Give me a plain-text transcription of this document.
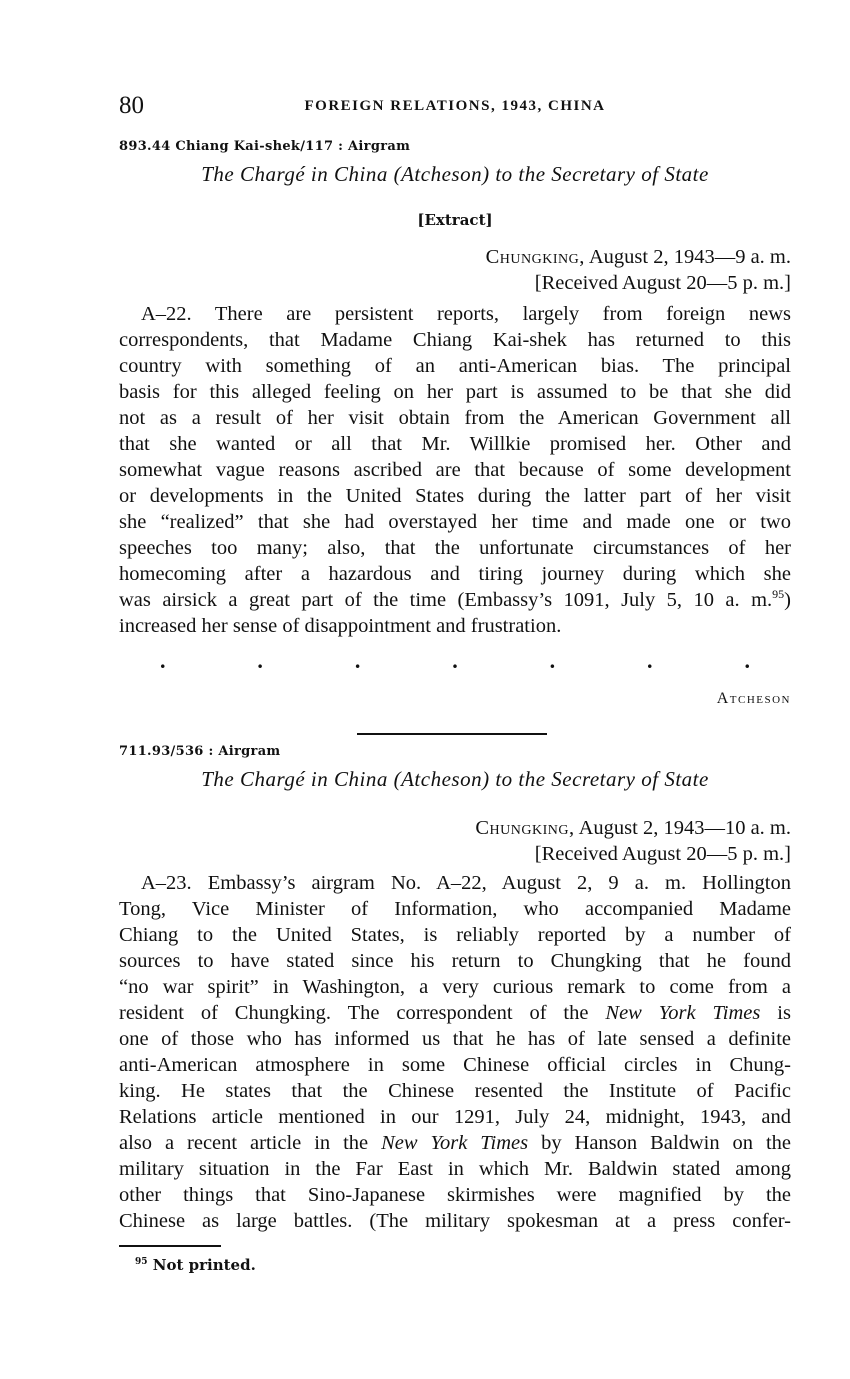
80	FOREIGN RELATIONS, 1943, CHINA
893.44 Chiang Kai-shek/117 : Airgram
The Chargé in China (Atcheson) to the Secretary of State
[Extract]
Chungking, August 2, 1943—9 a. m.
[Received August 20—5 p. m.]
A–22. There are persistent reports, largely from foreign news
correspondents, that Madame Chiang Kai-shek has returned to this
country with something of an anti-American bias. The principal
basis for this alleged feeling on her part is assumed to be that she did
not as a result of her visit obtain from the American Government all
that she wanted or all that Mr. Willkie promised her. Other and
somewhat vague reasons ascribed are that because of some development
or developments in the United States during the latter part of her visit
she “realized” that she had overstayed her time and made one or two
speeches too many; also, that the unfortunate circumstances of her
homecoming after a hazardous and tiring journey during which she
was airsick a great part of the time (Embassy’s 1091, July 5, 10 a. m.$^{95}$)
increased her sense of disappointment and frustration.
.	.	.	.	.	.	.
Atcheson
711.93/536 : Airgram
The Chargé in China (Atcheson) to the Secretary of State
Chungking, August 2, 1943—10 a. m.
[Received August 20—5 p. m.]
A–23. Embassy’s airgram No. A–22, August 2, 9 a. m. Hollington
Tong, Vice Minister of Information, who accompanied Madame
Chiang to the United States, is reliably reported by a number of
sources to have stated since his return to Chungking that he found
“no war spirit” in Washington, a very curious remark to come from a
resident of Chungking. The correspondent of the New York Times is
one of those who has informed us that he has of late sensed a definite
anti-American atmosphere in some Chinese official circles in Chung-
king. He states that the Chinese resented the Institute of Pacific
Relations article mentioned in our 1291, July 24, midnight, 1943, and
also a recent article in the New York Times by Hanson Baldwin on the
military situation in the Far East in which Mr. Baldwin stated among
other things that Sino-Japanese skirmishes were magnified by the
Chinese as large battles. (The military spokesman at a press confer-
$^{95}$ Not printed.
